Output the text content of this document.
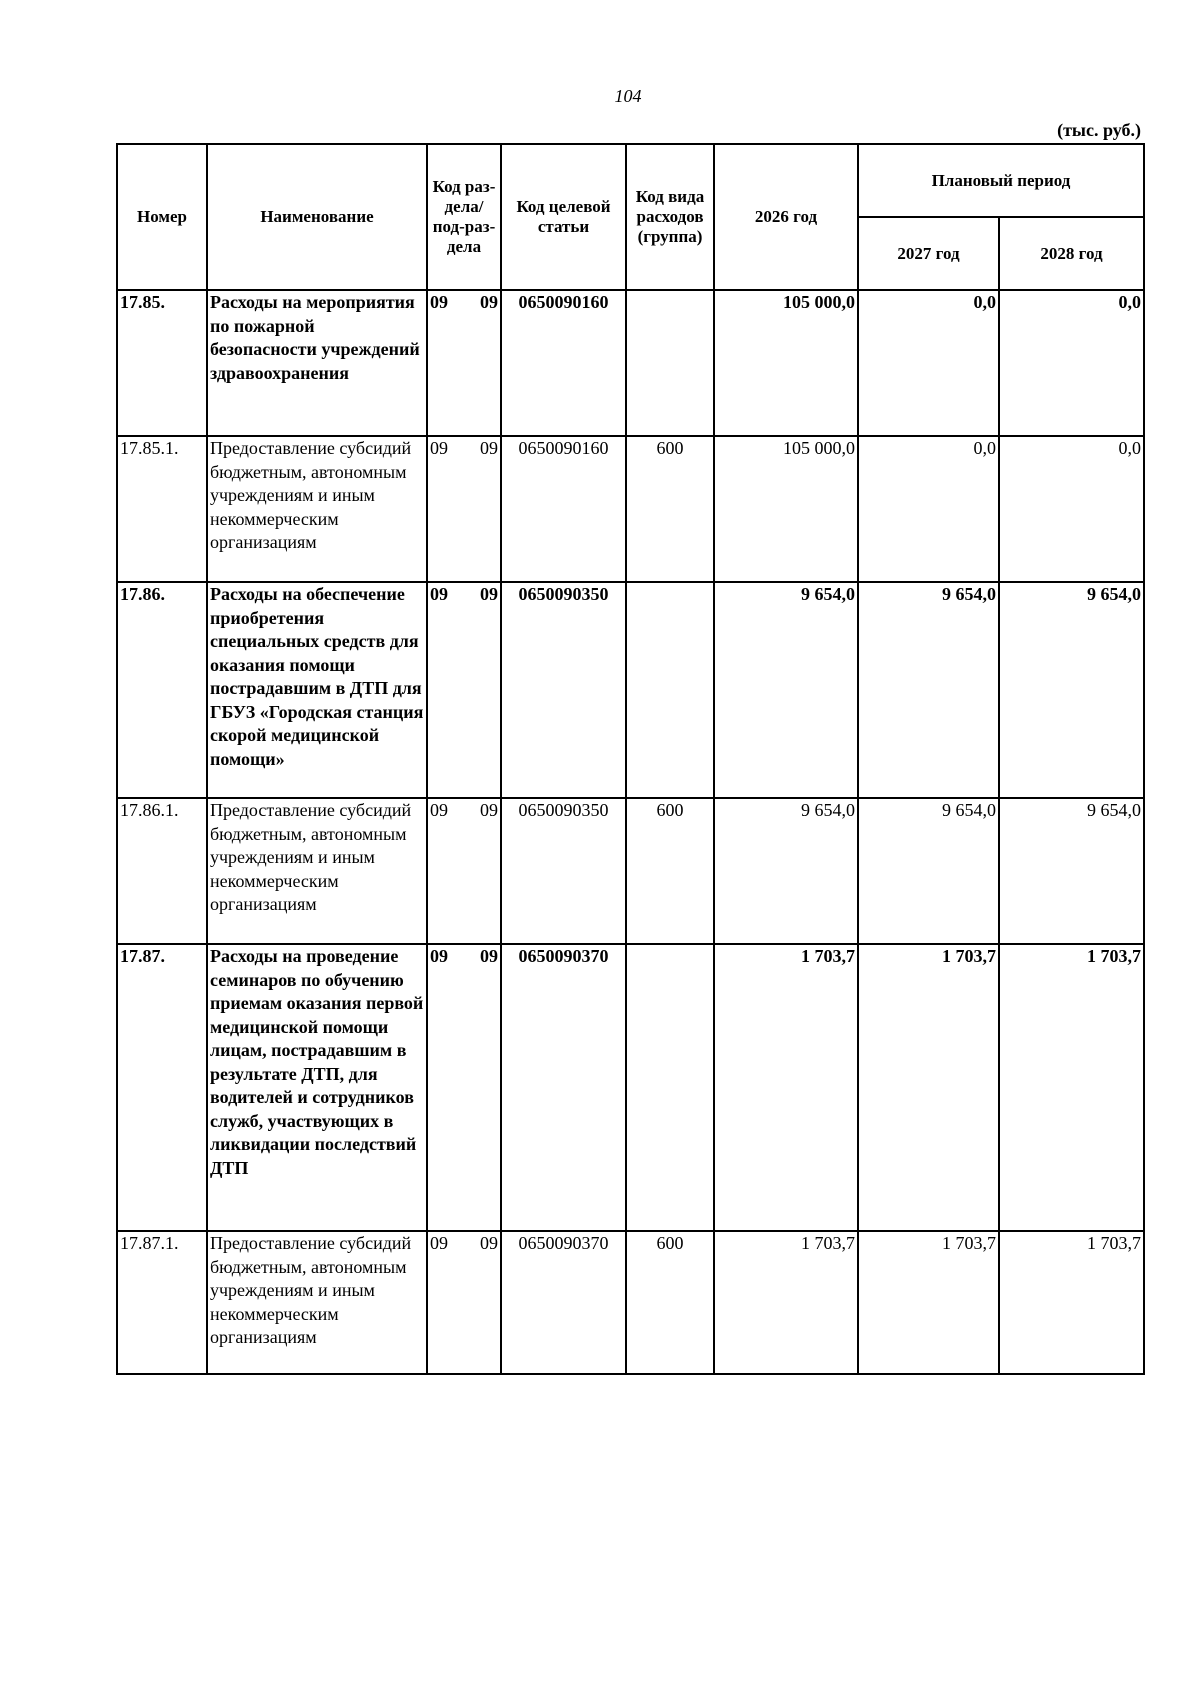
104
(тыс. руб.)
Номер	Наименование	Код раз-дела/ под-раз-дела	Код целевой статьи	Код вида расходов (группа)	2026 год	Плановый период	
						2027 год	2028 год
17.85.	Расходы на мероприятия по пожарной безопасности учреждений здравоохранения	09 09	0650090160		105 000,0	0,0	0,0
17.85.1.	Предоставление субсидий бюджетным, автономным учреждениям и иным некоммерческим организациям	09 09	0650090160	600	105 000,0	0,0	0,0
17.86.	Расходы на обеспечение приобретения специальных средств для оказания помощи пострадавшим в ДТП для ГБУЗ «Городская станция скорой медицинской помощи»	09 09	0650090350		9 654,0	9 654,0	9 654,0
17.86.1.	Предоставление субсидий бюджетным, автономным учреждениям и иным некоммерческим организациям	09 09	0650090350	600	9 654,0	9 654,0	9 654,0
17.87.	Расходы на проведение семинаров по обучению приемам оказания первой медицинской помощи лицам, пострадавшим в результате ДТП, для водителей и сотрудников служб, участвующих в ликвидации последствий ДТП	09 09	0650090370		1 703,7	1 703,7	1 703,7
17.87.1.	Предоставление субсидий бюджетным, автономным учреждениям и иным некоммерческим организациям	09 09	0650090370	600	1 703,7	1 703,7	1 703,7
